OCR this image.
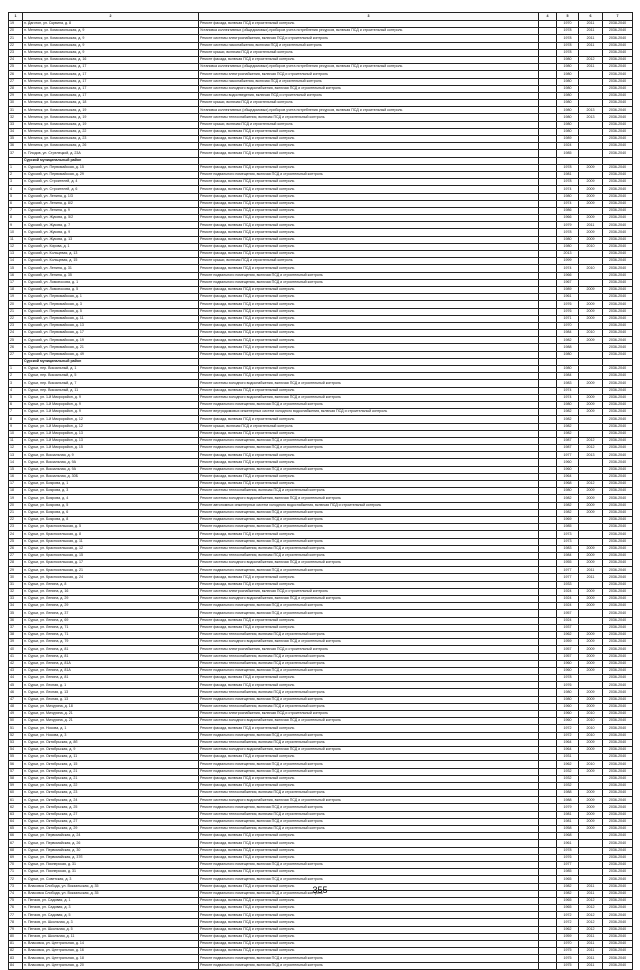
1	2	3	4	5	6	7
19	п. Даготоп, ул. Скрвина, д. 8	Ремонт фасада, включая ПСД и строительный контроль		1970	2011	2038-2040
20	п. Мелинск, ул. Комсомольская, д. 9	Установка коллективных (общедомовых) приборов учета потребления ресурсов, включая ПСД и строительный контроль		1978	2011	2036-2040
21	п. Мелинск, ул. Комсомольская, д. 9	Ремонт системы электроснабжения, включая ПСД и строительный контроль		1978	2011	2036-2040
22	п. Мелинск, ул. Комсомольская, д. 9	Ремонт системы газоснабжения, включая ПСД и строительный контроль		1978	2011	2036-2040
23	п. Мелинск, ул. Комсомольская, д. 9	Ремонт крыши, включая ПСД и строительный контроль		1978		2036-2040
24	п. Мелинск, ул. Комсомольская, д. 16	Ремонт фасада, включая ПСД и строительный контроль		1980	2012	2036-2040
25	п. Мелинск, ул. Комсомольская, д. 17	Установка коллективных (общедомовых) приборов учета потребления ресурсов, включая ПСД и строительный контроль		1980	2011	2036-2040
26	п. Мелинск, ул. Комсомольская, д. 17	Ремонт системы электроснабжения, включая ПСД и строительный контроль		1980		2036-2040
27	п. Мелинск, ул. Комсомольская, д. 17	Ремонт системы газоснабжения, включая ПСД и строительный контроль		1980		2036-2040
28	п. Мелинск, ул. Комсомольская, д. 17	Ремонт системы холодного водоснабжения, включая ПСД и строительный контроль		1980		2036-2040
29	п. Мелинск, ул. Комсомольская, д. 17	Ремонт системы водоотведения, включая ПСД и строительный контроль		1980		2036-2040
30	п. Мелинск, ул. Комсомольская, д. 18	Ремонт крыши, включая ПСД и строительный контроль		1980		2036-2040
31	п. Мелинск, ул. Комсомольская, д. 19	Установка коллективных (общедомовых) приборов учета потребления ресурсов, включая ПСД и строительный контроль		1980	2013	2036-2040
32	п. Мелинск, ул. Комсомольская, д. 19	Ремонт системы теплоснабжения, включая ПСД и строительный контроль		1980	2013	2036-2040
33	п. Мелинск, ул. Комсомольская, д. 19	Ремонт крыши, включая ПСД и строительный контроль		1980		2036-2040
34	п. Мелинск, ул. Комсомольская, д. 22	Ремонт фасада, включая ПСД и строительный контроль		1980		2036-2040
35	п. Мелинск, ул. Комсомольская, д. 23	Ремонт фасада, включая ПСД и строительный контроль		1989		2036-2040
36	п. Мелинск, ул. Комсомольская, д. 26	Ремонт фасада, включая ПСД и строительный контроль		1924		2036-2040
37	п. Плодов, ул. Стрелецкой, д. 23А	Ремонт фасада, включая ПСД и строительный контроль		1985		2036-2040
	Сурский муниципальный район					
1	п. Сурский, ул. Первомайская, д. 15	Ремонт фасада, включая ПСД и строительный контроль		1978	2009	2036-2040
2	п. Сурский, ул. Первомайская, д. 29	Ремонт подвального помещения, включая ПСД и строительный контроль		1981		2036-2040
3	п. Сурский, ул. Строителей, д. 4	Ремонт фасада, включая ПСД и строительный контроль		1978	2009	2036-2040
4	п. Сурский, ул. Строителей, д. 6	Ремонт фасада, включая ПСД и строительный контроль		1974	2009	2036-2040
5	п. Сурский, ул. Ленина, д. 1/3	Ремонт фасада, включая ПСД и строительный контроль		1980	2009	2036-2040
6	п. Сурский, ул. Ленина, д. 8/2	Ремонт фасада, включая ПСД и строительный контроль		1974	2009	2036-2040
7	п. Сурский, ул. Ленина, д. 9	Ремонт фасада, включая ПСД и строительный контроль		1986		2036-2040
8	п. Сурский, ул. Жукова, д. 5/2	Ремонт фасада, включая ПСД и строительный контроль		1966	2009	2036-2040
9	п. Сурский, ул. Жукова, д. 7	Ремонт фасада, включая ПСД и строительный контроль		1979	2011	2036-2040
10	п. Сурский, ул. Жукова, д. 9	Ремонт фасада, включая ПСД и строительный контроль		1978	2009	2036-2040
11	п. Сурский, ул. Жукова, д. 13	Ремонт фасада, включая ПСД и строительный контроль		1980	2009	2036-2040
12	п. Сурский, ул. Кирова, д. 1	Ремонт фасада, включая ПСД и строительный контроль		1980	2010	2036-2040
13	п. Сурский, ул. Кольцевая, д. 13	Ремонт фасада, включая ПСД и строительный контроль		2013		2036-2040
14	п. Сурский, ул. Кольцевая, д. 15	Ремонт крыши, включая ПСД и строительный контроль		1999		2036-2040
15	п. Сурский, ул. Ленина, д. 31	Ремонт фасада, включая ПСД и строительный контроль		1974	2010	2036-2040
16	п. Сурский, ул. Ленина, д. 35	Ремонт подвального помещения, включая ПСД и строительный контроль		1966		2036-2040
17	п. Сурский, ул. Ломоносова, д. 1	Ремонт подвального помещения, включая ПСД и строительный контроль		1967		2036-2040
18	п. Сурский, ул. Ломоносова, д. 5	Ремонт фасада, включая ПСД и строительный контроль		1989	2009	2036-2040
19	п. Сурский, ул. Первомайская, д. 1	Ремонт фасада, включая ПСД и строительный контроль		1961		2036-2040
20	п. Сурский, ул. Первомайская, д. 3	Ремонт фасада, включая ПСД и строительный контроль		1976	2009	2036-2040
21	п. Сурский, ул. Первомайская, д. 5	Ремонт фасада, включая ПСД и строительный контроль		1976	2009	2036-2040
22	п. Сурский, ул. Первомайская, д. 11	Ремонт фасада, включая ПСД и строительный контроль		1971	2009	2036-2040
23	п. Сурский, ул. Первомайская, д. 13	Ремонт фасада, включая ПСД и строительный контроль		1970		2036-2040
24	п. Сурский, ул. Первомайская, д. 17	Ремонт фасада, включая ПСД и строительный контроль		1984	2010	2036-2040
25	п. Сурский, ул. Первомайская, д. 19	Ремонт фасада, включая ПСД и строительный контроль		1982	2009	2036-2040
26	п. Сурский, ул. Первомайская, д. 21	Ремонт фасада, включая ПСД и строительный контроль		1988		2036-2040
27	п. Сурский, ул. Первомайская, д. 49	Ремонт фасада, включая ПСД и строительный контроль		1980		2036-2040
	Сурский муниципальный район					
1	п. Сурьи, пер. Вокзальный, д. 1	Ремонт фасада, включая ПСД и строительный контроль		1980		2036-2040
2	п. Сурьи, пер. Вокзальный, д. 5	Ремонт фасада, включая ПСД и строительный контроль		1984		2036-2040
3	п. Сурьи, пер. Вокзальный, д. 7	Ремонт системы холодного водоснабжения, включая ПСД и строительный контроль		1983	2009	2036-2040
4	п. Сурьи, пер. Вокзальный, д. 11	Ремонт фасада, включая ПСД и строительный контроль		1974		2036-2040
5	п. Сурьи, ул. 1-й Микрорайон, д. 9	Ремонт системы холодного водоснабжения, включая ПСД и строительный контроль		1974	2009	2036-2040
6	п. Сурьи, ул. 1-й Микрорайон, д. 9	Ремонт подвального помещения, включая ПСД и строительный контроль		1980	2009	2036-2040
7	п. Сурьи, ул. 1-й Микрорайон, д. 9	Ремонт внутридомовых инженерных систем холодного водоснабжения, включая ПСД и строительный контроль		1982	2009	2036-2040
8	п. Сурьи, ул. 1-й Микрорайон, д. 12	Ремонт фасада, включая ПСД и строительный контроль		1982		2036-2040
9	п. Сурьи, ул. 1-й Микрорайон, д. 12	Ремонт крыши, включая ПСД и строительный контроль		1982		2036-2040
10	п. Сурьи, ул. 1-й Микрорайон, д. 13	Ремонт фасада, включая ПСД и строительный контроль		1982		2036-2040
11	п. Сурьи, ул. 1-й Микрорайон, д. 13	Ремонт подвального помещения, включая ПСД и строительный контроль		1987	2012	2036-2040
12	п. Сурьи, ул. 1-й Микрорайон, д. 15	Ремонт подвального помещения, включая ПСД и строительный контроль		1987	2012	2036-2040
13	п. Сурьи, ул. Вокзальная, д. 9	Ремонт фасада, включая ПСД и строительный контроль		1977	2013	2036-2040
14	п. Сурьи, ул. Вокзальная, д. 9А	Ремонт фасада, включая ПСД и строительный контроль		1960		2036-2040
15	п. Сурьи, ул. Вокзальная, д. 9А	Ремонт подвального помещения, включая ПСД и строительный контроль		1960		2036-2040
16	п. Сурьи, ул. Вокзальная, д. 30Б	Ремонт фасада, включая ПСД и строительный контроль		1964		2036-2040
17	п. Сурьи, ул. Боярова, д. 1	Ремонт фасада, включая ПСД и строительный контроль		1968	2012	2036-2040
18	п. Сурьи, ул. Боярова, д. 3	Ремонт системы теплоснабжения, включая ПСД и строительный контроль		1980	2009	2036-2040
19	п. Сурьи, ул. Боярова, д. 4	Ремонт системы холодного водоснабжения, включая ПСД и строительный контроль		1982	2009	2036-2040
20	п. Сурьи, ул. Боярова, д. 5	Ремонт автономных инженерных систем холодного водоснабжения, включая ПСД и строительный контроль		1982	2009	2036-2040
21	п. Сурьи, ул. Боярова, д. 6	Ремонт подвального помещения, включая ПСД и строительный контроль		1982	2009	2036-2040
22	п. Сурьи, ул. Боярова, д. 8	Ремонт подвального помещения, включая ПСД и строительный контроль		1969		2036-2040
23	п. Сурьи, ул. Красносельская, д. 5	Ремонт подвального помещения, включая ПСД и строительный контроль		1985		2036-2040
24	п. Сурьи, ул. Красносельская, д. 8	Ремонт фасада, включая ПСД и строительный контроль		1973		2036-2040
25	п. Сурьи, ул. Красносельская, д. 11	Ремонт подвального помещения, включая ПСД и строительный контроль		1973		2036-2040
26	п. Сурьи, ул. Красносельская, д. 12	Ремонт системы теплоснабжения, включая ПСД и строительный контроль		1983	2009	2036-2040
27	п. Сурьи, ул. Красносельская, д. 15	Ремонт системы теплоснабжения, включая ПСД и строительный контроль		1984	2009	2036-2040
28	п. Сурьи, ул. Красносельская, д. 17	Ремонт системы холодного водоснабжения, включая ПСД и строительный контроль		1955	2009	2036-2040
29	п. Сурьи, ул. Красносельская, д. 21	Ремонт подвального помещения, включая ПСД и строительный контроль		1977	2011	2036-2040
30	п. Сурьи, ул. Красносельская, д. 24	Ремонт фасада, включая ПСД и строительный контроль		1977	2011	2036-2040
31	п. Сурьи, ул. Ленина, д. 8	Ремонт фасада, включая ПСД и строительный контроль		1933		2036-2040
32	п. Сурьи, ул. Ленина, д. 16	Ремонт системы электроснабжения, включая ПСД и строительный контроль		1924	2009	2036-2040
33	п. Сурьи, ул. Ленина, д. 29	Ремонт системы холодного водоснабжения, включая ПСД и строительный контроль		1924	2009	2036-2040
34	п. Сурьи, ул. Ленина, д. 29	Ремонт подвального помещения, включая ПСД и строительный контроль		1924	2009	2036-2040
35	п. Сурьи, ул. Ленина, д. 37	Ремонт подвального помещения, включая ПСД и строительный контроль		1957		2036-2040
36	п. Сурьи, ул. Ленина, д. 69	Ремонт фасада, включая ПСД и строительный контроль		1924		2036-2040
37	п. Сурьи, ул. Ленина, д. 71	Ремонт фасада, включая ПСД и строительный контроль		1937		2036-2040
38	п. Сурьи, ул. Ленина, д. 71	Ремонт системы теплоснабжения, включая ПСД и строительный контроль		1962	2009	2036-2040
39	п. Сурьи, ул. Ленина, д. 79	Ремонт системы холодного водоснабжения, включая ПСД и строительный контроль		1959	2009	2036-2040
40	п. Сурьи, ул. Ленина, д. 81	Ремонт системы электроснабжения, включая ПСД и строительный контроль		1957	2009	2036-2040
41	п. Сурьи, ул. Ленина, д. 81	Ремонт системы теплоснабжения, включая ПСД и строительный контроль		1957	2009	2036-2040
42	п. Сурьи, ул. Ленина, д. 81А	Ремонт системы теплоснабжения, включая ПСД и строительный контроль		1960	2009	2036-2040
43	п. Сурьи, ул. Ленина, д. 81А	Ремонт подвального помещения, включая ПСД и строительный контроль		1960	2009	2036-2040
44	п. Сурьи, ул. Ленина, д. 81	Ремонт фасада, включая ПСД и строительный контроль		1978		2036-2040
45	п. Сурьи, ул. Лесная, д. 1	Ремонт фасада, включая ПСД и строительный контроль		1976		2036-2040
46	п. Сурьи, ул. Лесная, д. 13	Ремонт системы теплоснабжения, включая ПСД и строительный контроль		1980	2009	2036-2040
47	п. Сурьи, ул. Лесная, д. 13	Ремонт подвального помещения, включая ПСД и строительный контроль		1980	2009	2036-2040
48	п. Сурьи, ул. Мичурина, д. 18	Ремонт системы теплоснабжения, включая ПСД и строительный контроль		1960	2009	2036-2040
49	п. Сурьи, ул. Мичурина, д. 21	Ремонт системы электроснабжения, включая ПСД и строительный контроль		1960	2010	2036-2040
50	п. Сурьи, ул. Мичурина, д. 21	Ремонт системы холодного водоснабжения, включая ПСД и строительный контроль		1960	2010	2036-2040
51	п. Сурьи, ул. Носова, д. 1	Ремонт фасада, включая ПСД и строительный контроль		1972	2010	2036-2040
52	п. Сурьи, ул. Носова, д. 3	Ремонт подвального помещения, включая ПСД и строительный контроль		1972	2010	2036-2040
53	п. Сурьи, ул. Октябрьская, д. 8б	Ремонт системы теплоснабжения, включая ПСД и строительный контроль		1964	2009	2036-2040
54	п. Сурьи, ул. Октябрьская, д. 9	Ремонт системы холодного водоснабжения, включая ПСД и строительный контроль		1964	2009	2036-2040
55	п. Сурьи, ул. Октябрьская, д. 11	Ремонт фасада, включая ПСД и строительный контроль		1931		2036-2040
56	п. Сурьи, ул. Октябрьская, д. 15	Ремонт подвального помещения, включая ПСД и строительный контроль		1962	2010	2036-2040
57	п. Сурьи, ул. Октябрьская, д. 21	Ремонт подвального помещения, включая ПСД и строительный контроль		1932	2009	2036-2040
58	п. Сурьи, ул. Октябрьская, д. 21	Ремонт фасада, включая ПСД и строительный контроль		1932		2036-2040
59	п. Сурьи, ул. Октябрьская, д. 22	Ремонт фасада, включая ПСД и строительный контроль		1932		2036-2040
60	п. Сурьи, ул. Октябрьская, д. 23	Ремонт системы теплоснабжения, включая ПСД и строительный контроль		1988	2009	2036-2040
61	п. Сурьи, ул. Октябрьская, д. 24	Ремонт системы холодного водоснабжения, включая ПСД и строительный контроль		1988	2009	2036-2040
62	п. Сурьи, ул. Октябрьская, д. 25	Ремонт подвального помещения, включая ПСД и строительный контроль		1979	2009	2036-2040
63	п. Сурьи, ул. Октябрьская, д. 27	Ремонт системы теплоснабжения, включая ПСД и строительный контроль		1981	2009	2036-2040
64	п. Сурьи, ул. Октябрьская, д. 27	Ремонт подвального помещения, включая ПСД и строительный контроль		1981	2009	2036-2040
65	п. Сурьи, ул. Октябрьская, д. 29	Ремонт системы теплоснабжения, включая ПСД и строительный контроль		1958	2009	2036-2040
66	п. Сурьи, ул. Первомайская, д. 24	Ремонт фасада, включая ПСД и строительный контроль		1968		2036-2040
67	п. Сурьи, ул. Первомайская, д. 26	Ремонт фасада, включая ПСД и строительный контроль		1961		2036-2040
68	п. Сурьи, ул. Первомайская, д. 30	Ремонт фасада, включая ПСД и строительный контроль		1978		2036-2040
69	п. Сурьи, ул. Первомайская, д. 37б	Ремонт фасада, включая ПСД и строительный контроль		1976		2036-2040
70	п. Сурьи, ул. Пионерская, д. 31	Ремонт подвального помещения, включая ПСД и строительный контроль		1977		2036-2040
71	п. Сурьи, ул. Пионерская, д. 31	Ремонт фасада, включая ПСД и строительный контроль		1985		2036-2040
72	п. Сурьи, ул. Советская, д. 3	Ремонт подвального помещения, включая ПСД и строительный контроль		1965		2036-2040
73	п. Власовка Слобода, ул. Вокзальская, д. 35	Ремонт фасада, включая ПСД и строительный контроль		1982	2011	2036-2040
74	п. Власовка Слобода, ул. Вокзальская, д. 35	Ремонт подвального помещения, включая ПСД и строительный контроль		1982	2011	2036-2040
75	п. Пензов, ул. Садовая, д. 1	Ремонт фасада, включая ПСД и строительный контроль		1965	2012	2036-2040
76	п. Пензов, ул. Садовая, д. 3	Ремонт фасада, включая ПСД и строительный контроль		1965	2012	2036-2040
77	п. Пензов, ул. Садовая, д. 5	Ремонт фасада, включая ПСД и строительный контроль		1972	2012	2036-2040
78	п. Пензов, ул. Школьная, д. 3	Ремонт фасада, включая ПСД и строительный контроль		1972	2012	2036-2040
79	п. Пензов, ул. Школьная, д. 5	Ремонт фасада, включая ПСД и строительный контроль		1962	2012	2036-2040
80	п. Пензов, ул. Школьная, д. 11	Ремонт фасада, включая ПСД и строительный контроль		1959	2011	2036-2040
81	п. Власовка, ул. Центральная, д. 14	Ремонт фасада, включая ПСД и строительный контроль		1970	2011	2036-2040
82	п. Власовка, ул. Центральная, д. 16	Ремонт фасада, включая ПСД и строительный контроль		1975	2011	2036-2040
83	п. Власовка, ул. Центральная, д. 18	Ремонт подвального помещения, включая ПСД и строительный контроль		1975	2011	2036-2040
84	п. Власовка, ул. Центральная, д. 20	Ремонт подвального помещения, включая ПСД и строительный контроль		1975	2011	2036-2040
355
